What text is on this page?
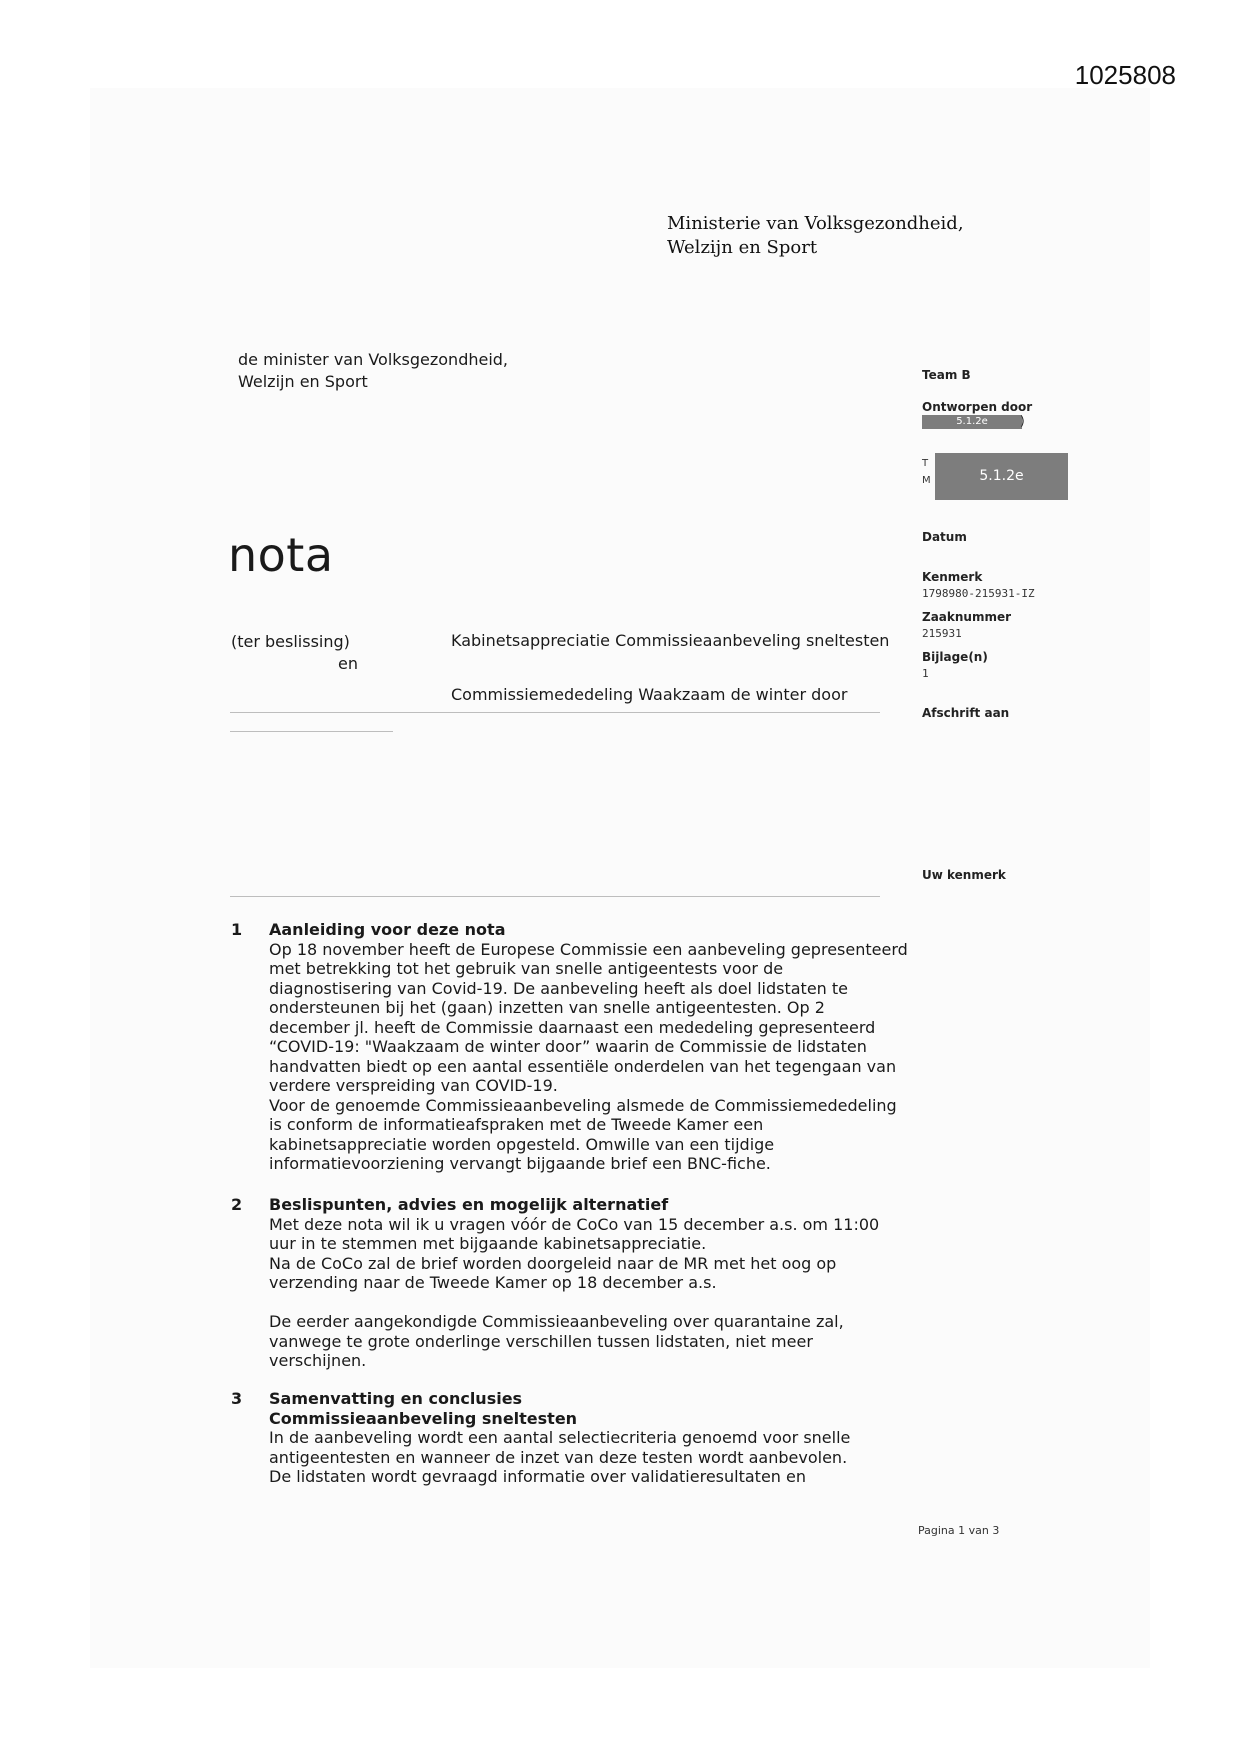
1025808
Ministerie van Volksgezondheid,
Welzijn en Sport
de minister van Volksgezondheid,
Welzijn en Sport
nota
(ter beslissing)
en
Kabinetsappreciatie Commissieaanbeveling sneltesten
Commissiemededeling Waakzaam de winter door
Team B
Ontworpen door
5.1.2e	)
T
M	5.1.2e
Datum
Kenmerk
1798980-215931-IZ
Zaaknummer
215931
Bijlage(n)
1
Afschrift aan
Uw kenmerk
1 Aanleiding voor deze nota

Op 18 november heeft de Europese Commissie een aanbeveling gepresenteerd met betrekking tot het gebruik van snelle antigeentests voor de diagnostisering van Covid-19. De aanbeveling heeft als doel lidstaten te ondersteunen bij het (gaan) inzetten van snelle antigeentesten. Op 2 december jl. heeft de Commissie daarnaast een mededeling gepresenteerd “COVID-19: "Waakzaam de winter door” waarin de Commissie de lidstaten handvatten biedt op een aantal essentiële onderdelen van het tegengaan van verdere verspreiding van COVID-19.

Voor de genoemde Commissieaanbeveling alsmede de Commissiemededeling is conform de informatieafspraken met de Tweede Kamer een kabinetsappreciatie worden opgesteld. Omwille van een tijdige informatievoorziening vervangt bijgaande brief een BNC-fiche.

2 Beslispunten, advies en mogelijk alternatief

Met deze nota wil ik u vragen vóór de CoCo van 15 december a.s. om 11:00 uur in te stemmen met bijgaande kabinetsappreciatie.

Na de CoCo zal de brief worden doorgeleid naar de MR met het oog op verzending naar de Tweede Kamer op 18 december a.s.

De eerder aangekondigde Commissieaanbeveling over quarantaine zal, vanwege te grote onderlinge verschillen tussen lidstaten, niet meer verschijnen.

3 Samenvatting en conclusies
Commissieaanbeveling sneltesten

In de aanbeveling wordt een aantal selectiecriteria genoemd voor snelle antigeentesten en wanneer de inzet van deze testen wordt aanbevolen.

De lidstaten wordt gevraagd informatie over validatieresultaten en

Pagina 1 van 3
